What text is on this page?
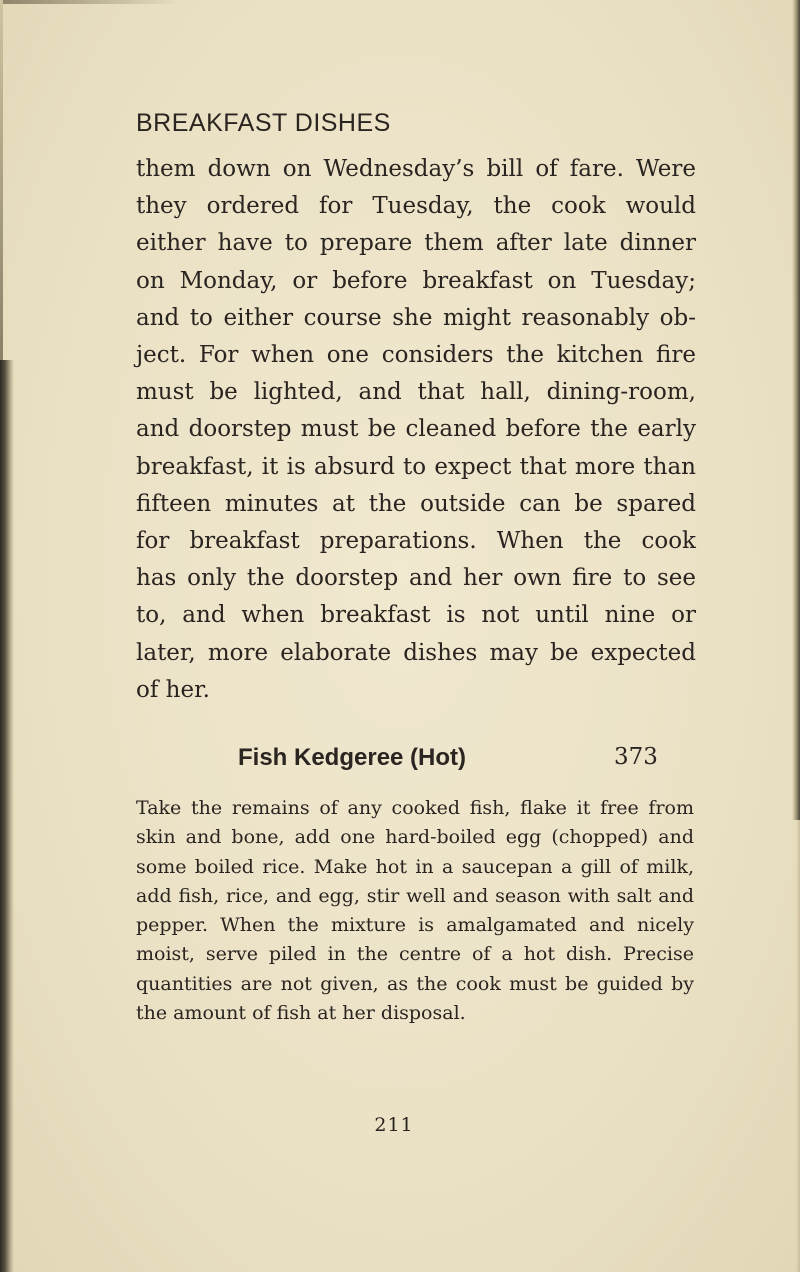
BREAKFAST DISHES
them down on Wednesday’s bill of fare. Were
they ordered for Tuesday, the cook would
either have to prepare them after late dinner
on Monday, or before breakfast on Tuesday;
and to either course she might reasonably ob-
ject. For when one considers the kitchen fire
must be lighted, and that hall, dining-room,
and doorstep must be cleaned before the early
breakfast, it is absurd to expect that more than
fifteen minutes at the outside can be spared
for breakfast preparations. When the cook
has only the doorstep and her own fire to see
to, and when breakfast is not until nine or
later, more elaborate dishes may be expected
of her.
Fish Kedgeree (Hot)	373
Take the remains of any cooked fish, flake it free from
skin and bone, add one hard-boiled egg (chopped) and
some boiled rice. Make hot in a saucepan a gill of milk,
add fish, rice, and egg, stir well and season with salt and
pepper. When the mixture is amalgamated and nicely
moist, serve piled in the centre of a hot dish. Precise
quantities are not given, as the cook must be guided by
the amount of fish at her disposal.
211
